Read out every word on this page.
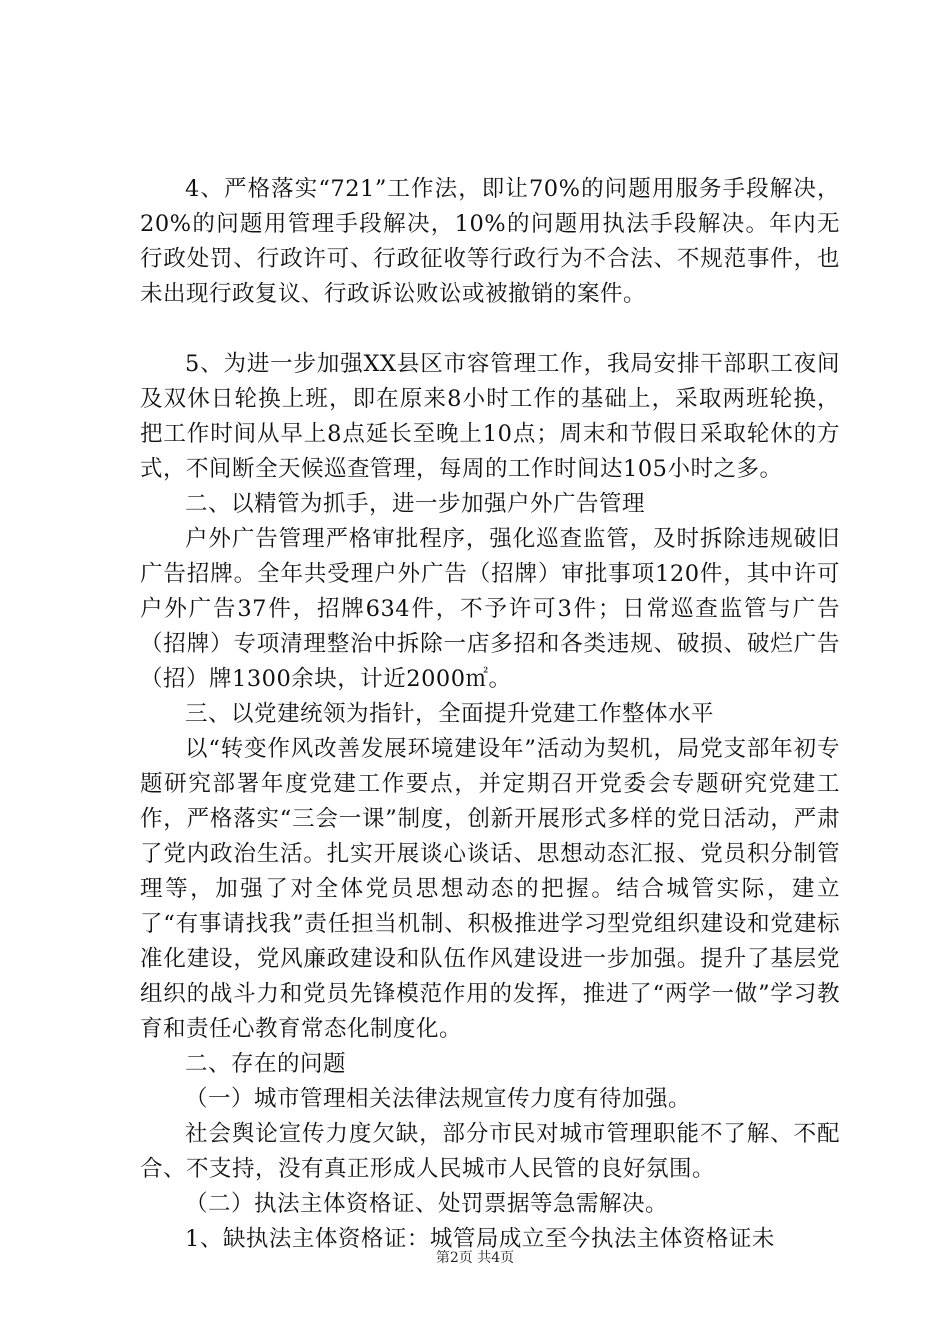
4、严格落实“721”工作法，即让70%的问题用服务手段解决，20%的问题用管理手段解决，10%的问题用执法手段解决。年内无行政处罚、行政许可、行政征收等行政行为不合法、不规范事件，也未出现行政复议、行政诉讼败讼或被撤销的案件。

5、为进一步加强XX县区市容管理工作，我局安排干部职工夜间及双休日轮换上班，即在原来8小时工作的基础上，采取两班轮换，把工作时间从早上8点延长至晚上10点；周末和节假日采取轮休的方式，不间断全天候巡查管理，每周的工作时间达105小时之多。

二、以精管为抓手，进一步加强户外广告管理

户外广告管理严格审批程序，强化巡查监管，及时拆除违规破旧广告招牌。全年共受理户外广告（招牌）审批事项120件，其中许可户外广告37件，招牌634件，不予许可3件；日常巡查监管与广告（招牌）专项清理整治中拆除一店多招和各类违规、破损、破烂广告（招）牌1300余块，计近2000㎡。

三、以党建统领为指针，全面提升党建工作整体水平

以“转变作风改善发展环境建设年”活动为契机，局党支部年初专题研究部署年度党建工作要点，并定期召开党委会专题研究党建工作，严格落实“三会一课”制度，创新开展形式多样的党日活动，严肃了党内政治生活。扎实开展谈心谈话、思想动态汇报、党员积分制管理等，加强了对全体党员思想动态的把握。结合城管实际，建立了“有事请找我”责任担当机制、积极推进学习型党组织建设和党建标准化建设，党风廉政建设和队伍作风建设进一步加强。提升了基层党组织的战斗力和党员先锋模范作用的发挥，推进了“两学一做”学习教育和责任心教育常态化制度化。

二、存在的问题

（一）城市管理相关法律法规宣传力度有待加强。

社会舆论宣传力度欠缺，部分市民对城市管理职能不了解、不配合、不支持，没有真正形成人民城市人民管的良好氛围。

（二）执法主体资格证、处罚票据等急需解决。

1、缺执法主体资格证：城管局成立至今执法主体资格证未

第2页 共4页
